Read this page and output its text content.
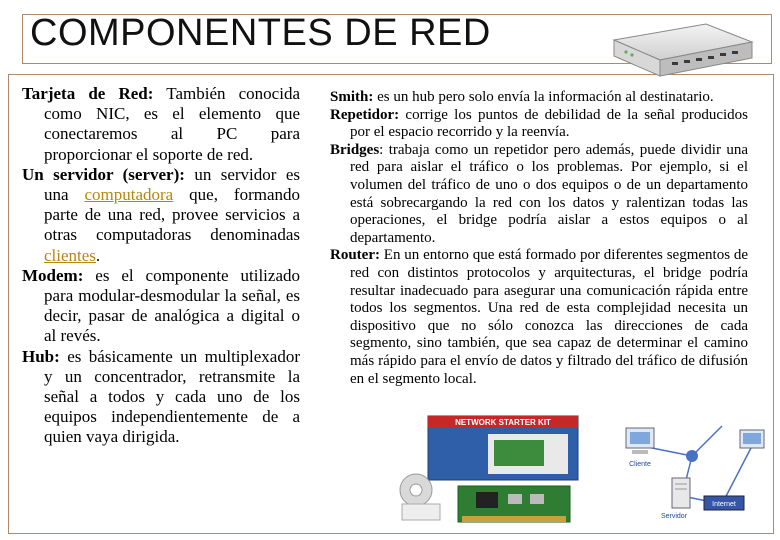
COMPONENTES DE RED

Tarjeta de Red: También conocida como NIC, es el elemento que conectaremos al PC para proporcionar el soporte de red.

Un servidor (server): un servidor es una computadora que, formando parte de una red, provee servicios a otras computadoras denominadas clientes.

Modem: es el componente utilizado para modular-desmodular la señal, es decir, pasar de analógica a digital o al revés.

Hub: es básicamente un multiplexador y un concentrador, retransmite la señal a todos y cada uno de los equipos independientemente de a quien vaya dirigida.

NETWORK STARTER KIT

Smith: es un hub pero solo envía la información al destinatario.

Repetidor: corrige los puntos de debilidad de la señal producidos por el espacio recorrido y la reenvía.

Bridges: trabaja como un repetidor pero además, puede dividir una red para aislar el tráfico o los problemas. Por ejemplo, si el volumen del tráfico de uno o dos equipos o de un departamento está sobrecargando la red con los datos y ralentizan todas las operaciones, el bridge podría aislar a estos equipos o al departamento.

Router: En un entorno que está formado por diferentes segmentos de red con distintos protocolos y arquitecturas, el bridge podría resultar inadecuado para asegurar una comunicación rápida entre todos los segmentos. Una red de esta complejidad necesita un dispositivo que no sólo conozca las direcciones de cada segmento, sino también, que sea capaz de determinar el camino más rápido para el envío de datos y filtrado del tráfico de difusión en el segmento local.

Cliente
Servidor
Internet
